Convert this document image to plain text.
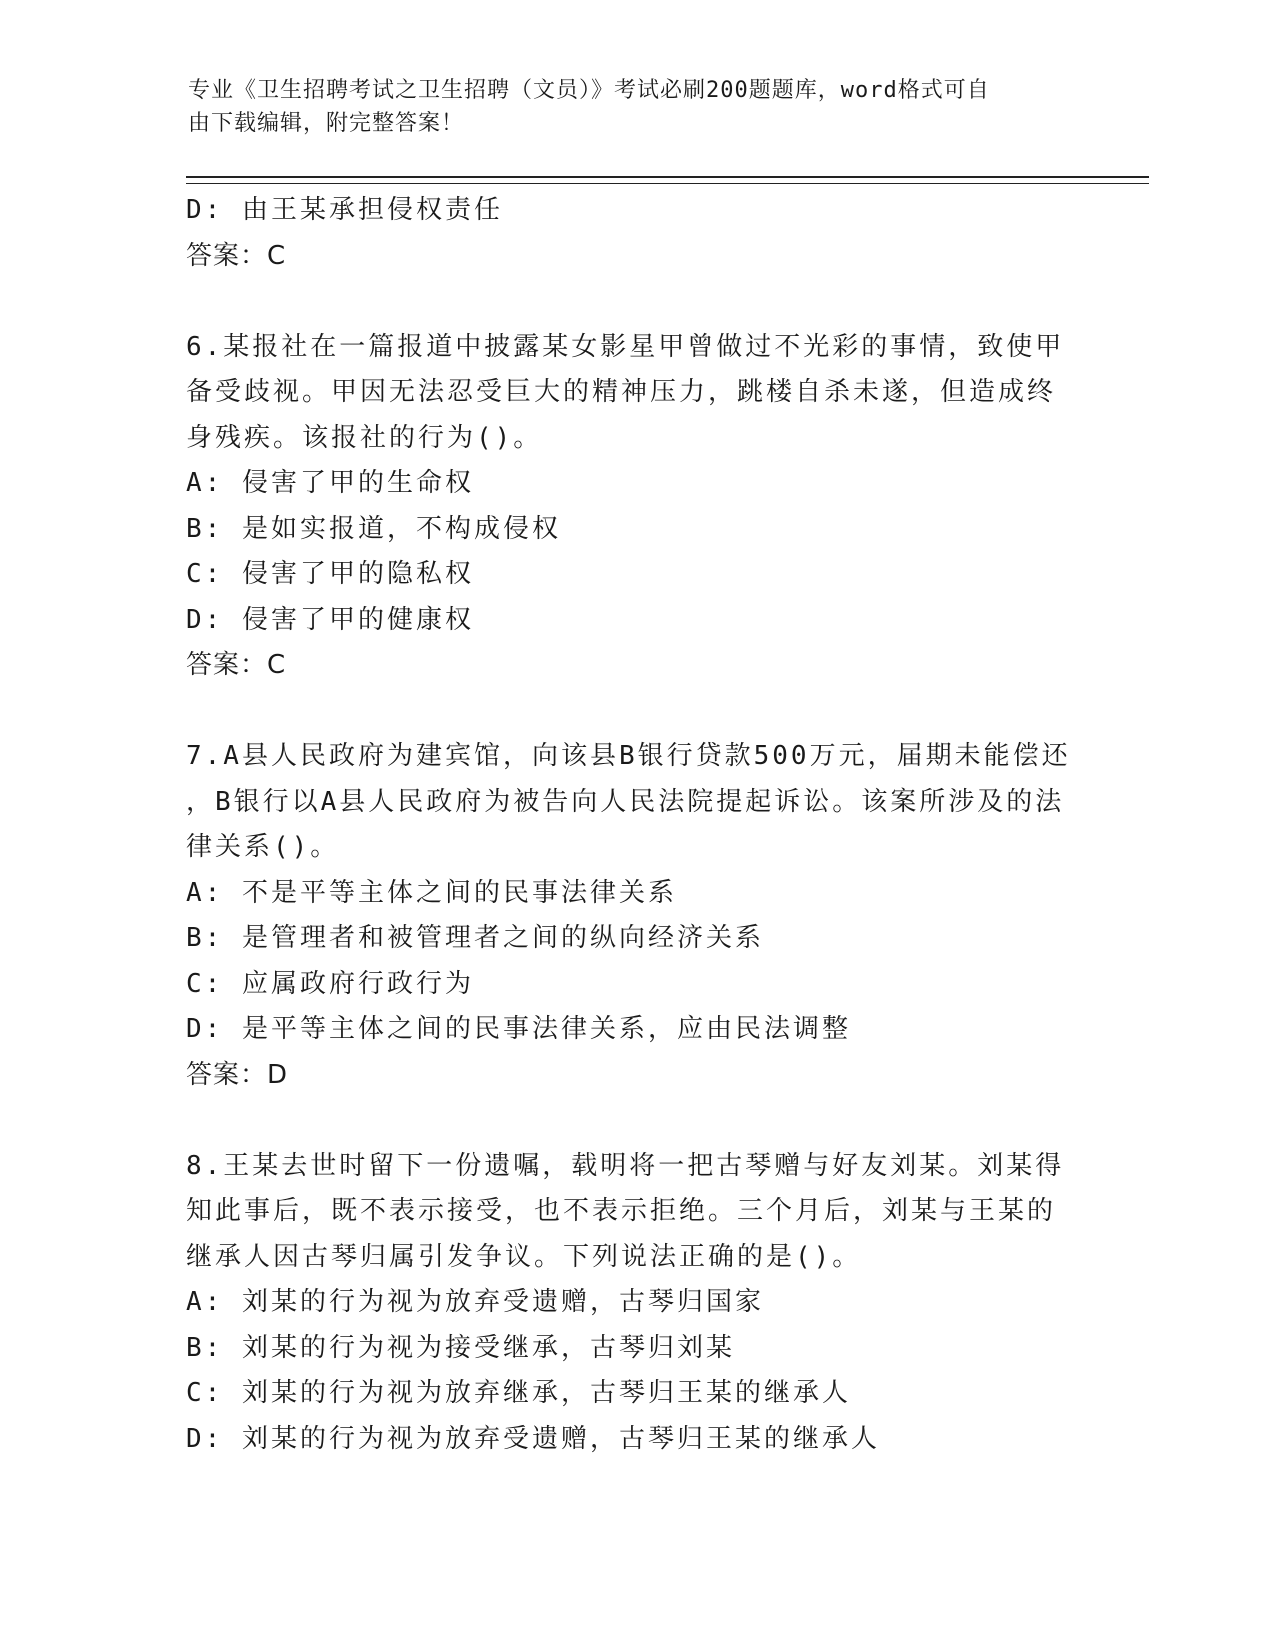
专业《卫生招聘考试之卫生招聘（文员）》考试必刷200题题库，word格式可自
由下载编辑，附完整答案！
D: 由王某承担侵权责任
答案：C
6.某报社在一篇报道中披露某女影星甲曾做过不光彩的事情，致使甲
备受歧视。甲因无法忍受巨大的精神压力，跳楼自杀未遂，但造成终
身残疾。该报社的行为()。
A: 侵害了甲的生命权
B: 是如实报道，不构成侵权
C: 侵害了甲的隐私权
D: 侵害了甲的健康权
答案：C
7.A县人民政府为建宾馆，向该县B银行贷款500万元，届期未能偿还
，B银行以A县人民政府为被告向人民法院提起诉讼。该案所涉及的法
律关系()。
A: 不是平等主体之间的民事法律关系
B: 是管理者和被管理者之间的纵向经济关系
C: 应属政府行政行为
D: 是平等主体之间的民事法律关系，应由民法调整
答案：D
8.王某去世时留下一份遗嘱，载明将一把古琴赠与好友刘某。刘某得
知此事后，既不表示接受，也不表示拒绝。三个月后，刘某与王某的
继承人因古琴归属引发争议。下列说法正确的是()。
A: 刘某的行为视为放弃受遗赠，古琴归国家
B: 刘某的行为视为接受继承，古琴归刘某
C: 刘某的行为视为放弃继承，古琴归王某的继承人
D: 刘某的行为视为放弃受遗赠，古琴归王某的继承人
